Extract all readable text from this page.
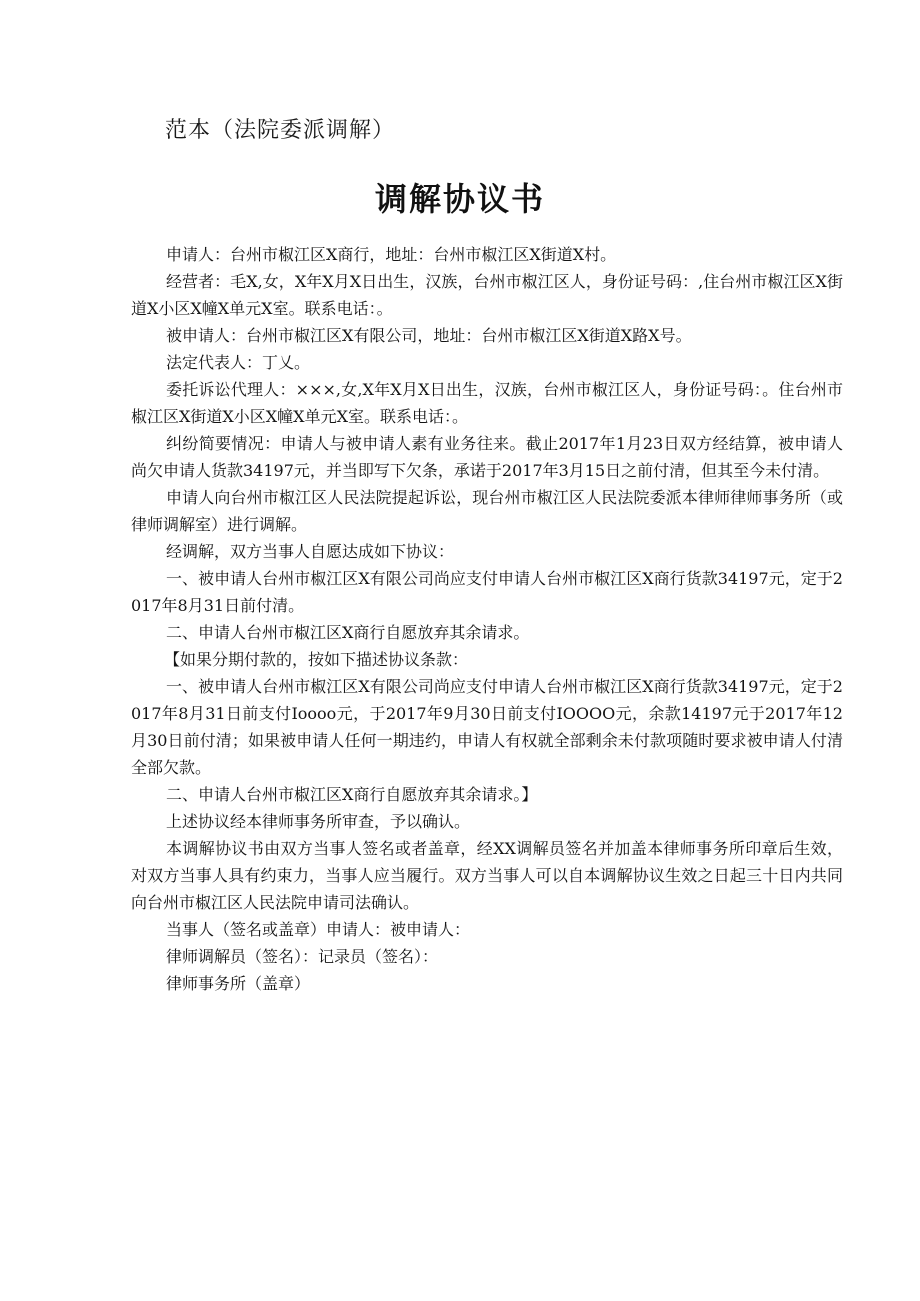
范本（法院委派调解）
调解协议书

申请人：台州市椒江区X商行，地址：台州市椒江区X街道X村。

经营者：毛X,女，X年X月X日出生，汉族，台州市椒江区人，身份证号码：,住台州市椒江区X街道X小区X幢X单元X室。联系电话：。

被申请人：台州市椒江区X有限公司，地址：台州市椒江区X街道X路X号。

法定代表人：丁乂。

委托诉讼代理人：×××,女,X年X月X日出生，汉族，台州市椒江区人，身份证号码：。住台州市椒江区X街道X小区X幢X单元X室。联系电话：。

纠纷简要情况：申请人与被申请人素有业务往来。截止2017年1月23日双方经结算，被申请人尚欠申请人货款34197元，并当即写下欠条，承诺于2017年3月15日之前付清，但其至今未付清。

申请人向台州市椒江区人民法院提起诉讼，现台州市椒江区人民法院委派本律师律师事务所（或律师调解室）进行调解。

经调解，双方当事人自愿达成如下协议：

一、被申请人台州市椒江区X有限公司尚应支付申请人台州市椒江区X商行货款34197元，定于2017年8月31日前付清。

二、申请人台州市椒江区X商行自愿放弃其余请求。

【如果分期付款的，按如下描述协议条款：

一、被申请人台州市椒江区X有限公司尚应支付申请人台州市椒江区X商行货款34197元，定于2017年8月31日前支付Ioooo元，于2017年9月30日前支付IOOOO元，余款14197元于2017年12月30日前付清；如果被申请人任何一期违约，申请人有权就全部剩余未付款项随时要求被申请人付清全部欠款。

二、申请人台州市椒江区X商行自愿放弃其余请求。】

上述协议经本律师事务所审查，予以确认。

本调解协议书由双方当事人签名或者盖章，经XX调解员签名并加盖本律师事务所印章后生效，对双方当事人具有约束力，当事人应当履行。双方当事人可以自本调解协议生效之日起三十日内共同向台州市椒江区人民法院申请司法确认。

当事人（签名或盖章）申请人：被申请人：

律师调解员（签名）：记录员（签名）：

律师事务所（盖章）
